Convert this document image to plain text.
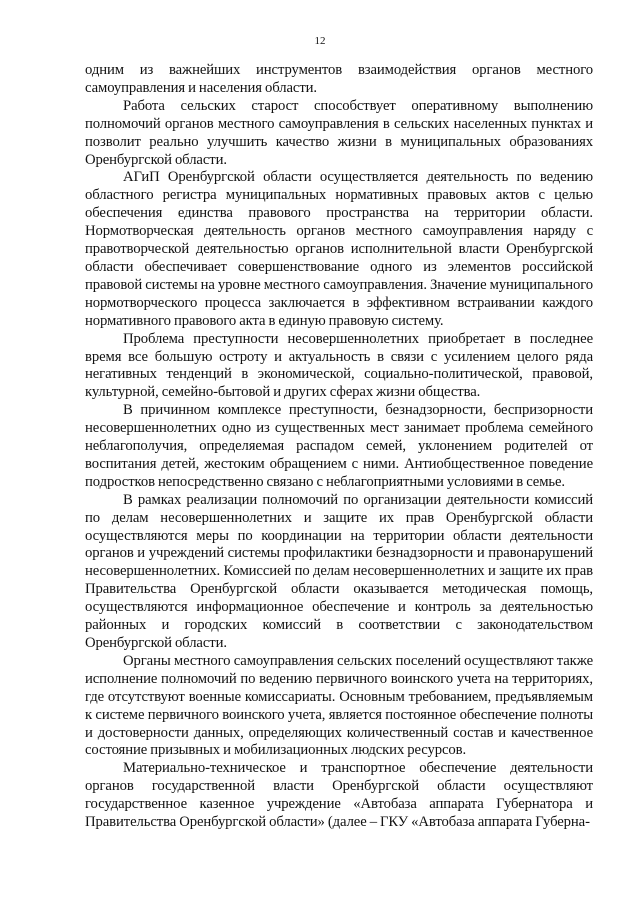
12

одним из важнейших инструментов взаимодействия органов местного самоуправления и населения области.

Работа сельских старост способствует оперативному выполнению полномочий органов местного самоуправления в сельских населенных пунктах и позволит реально улучшить качество жизни в муниципальных образованиях Оренбургской области.

АГиП Оренбургской области осуществляется деятельность по ведению областного регистра муниципальных нормативных правовых актов с целью обеспечения единства правового пространства на территории области. Нормотворческая деятельность органов местного самоуправления наряду с правотворческой деятельностью органов исполнительной власти Оренбургской области обеспечивает совершенствование одного из элементов российской правовой системы на уровне местного самоуправления. Значение муниципального нормотворческого процесса заключается в эффективном встраивании каждого нормативного правового акта в единую правовую систему.

Проблема преступности несовершеннолетних приобретает в последнее время все большую остроту и актуальность в связи с усилением целого ряда негативных тенденций в экономической, социально-политической, правовой, культурной, семейно-бытовой и других сферах жизни общества.

В причинном комплексе преступности, безнадзорности, беспризорности несовершеннолетних одно из существенных мест занимает проблема семейного неблагополучия, определяемая распадом семей, уклонением родителей от воспитания детей, жестоким обращением с ними. Антиобщественное поведение подростков непосредственно связано с неблагоприятными условиями в семье.

В рамках реализации полномочий по организации деятельности комиссий по делам несовершеннолетних и защите их прав Оренбургской области осуществляются меры по координации на территории области деятельности органов и учреждений системы профилактики безнадзорности и правонарушений несовершеннолетних. Комиссией по делам несовершеннолетних и защите их прав Правительства Оренбургской области оказывается методическая помощь, осуществляются информационное обеспечение и контроль за деятельностью районных и городских комиссий в соответствии с законодательством Оренбургской области.

Органы местного самоуправления сельских поселений осуществляют также исполнение полномочий по ведению первичного воинского учета на территориях, где отсутствуют военные комиссариаты. Основным требованием, предъявляемым к системе первичного воинского учета, является постоянное обеспечение полноты и достоверности данных, определяющих количественный состав и качественное состояние призывных и мобилизационных людских ресурсов.

Материально-техническое и транспортное обеспечение деятельности органов государственной власти Оренбургской области осуществляют государственное казенное учреждение «Автобаза аппарата Губернатора и Правительства Оренбургской области» (далее – ГКУ «Автобаза аппарата Губерна-
